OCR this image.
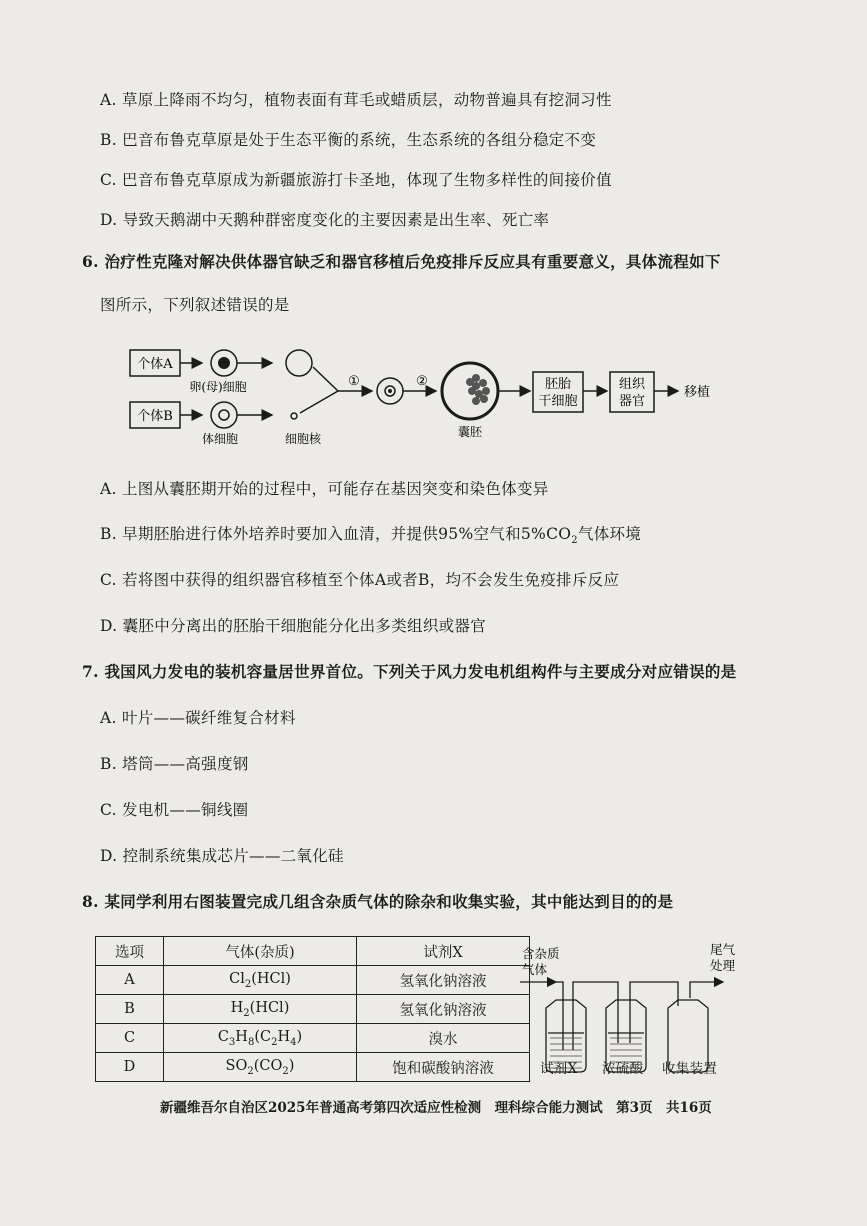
A. 草原上降雨不均匀，植物表面有茸毛或蜡质层，动物普遍具有挖洞习性
B. 巴音布鲁克草原是处于生态平衡的系统，生态系统的各组分稳定不变
C. 巴音布鲁克草原成为新疆旅游打卡圣地，体现了生物多样性的间接价值
D. 导致天鹅湖中天鹅种群密度变化的主要因素是出生率、死亡率
6. 治疗性克隆对解决供体器官缺乏和器官移植后免疫排斥反应具有重要意义，具体流程如下
图所示，下列叙述错误的是
个体A
个体B
卵(母)细胞
体细胞	细胞核
①	②
囊胚
胚胎
干细胞
组织
器官
移植
A. 上图从囊胚期开始的过程中，可能存在基因突变和染色体变异
B. 早期胚胎进行体外培养时要加入血清，并提供95%空气和$5\%CO_2$气体环境
C. 若将图中获得的组织器官移植至个体A或者B，均不会发生免疫排斥反应
D. 囊胚中分离出的胚胎干细胞能分化出多类组织或器官
7. 我国风力发电的装机容量居世界首位。下列关于风力发电机组构件与主要成分对应错误的是
A. 叶片——碳纤维复合材料
B. 塔筒——高强度钢
C. 发电机——铜线圈
D. 控制系统集成芯片——二氧化硅
8. 某同学利用右图装置完成几组含杂质气体的除杂和收集实验，其中能达到目的的是
选项	气体(杂质)	试剂X
A	$Cl_2(HCl)$	氢氧化钠溶液
B	$H_2(HCl)$	氢氧化钠溶液
C	$C_3H_8(C_2H_4)$	溴水
D	$SO_2(CO_2)$	饱和碳酸钠溶液
含杂质
气体
尾气
处理
试剂X 浓硫酸 收集装置
新疆维吾尔自治区2025年普通高考第四次适应性检测　理科综合能力测试　第3页　共16页
